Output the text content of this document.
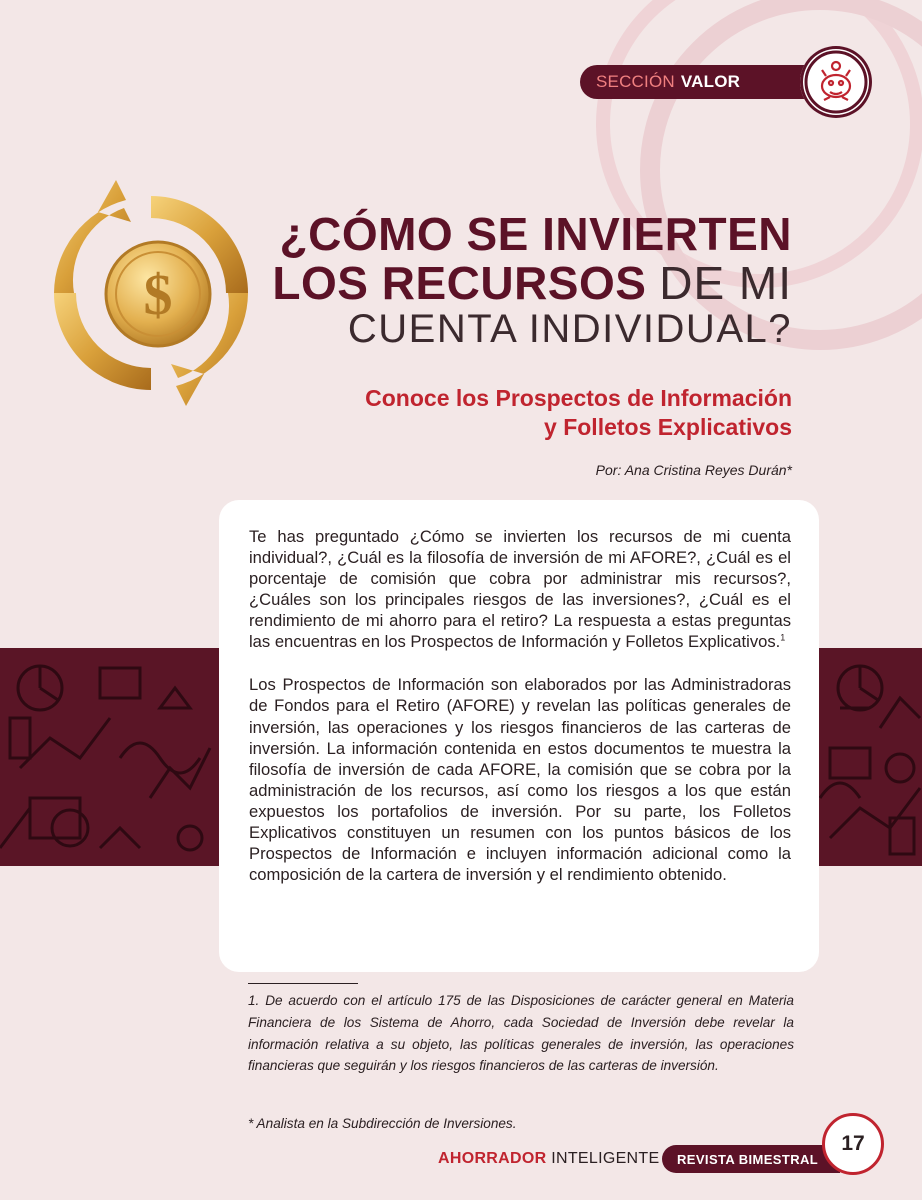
SECCIÓN VALOR
$
¿CÓMO SE INVIERTEN
LOS RECURSOS DE MI
CUENTA INDIVIDUAL?
Conoce los Prospectos de Información
y Folletos Explicativos
Por: Ana Cristina Reyes Durán*

Te has preguntado ¿Cómo se invierten los recursos de mi cuenta individual?, ¿Cuál es la filosofía de inversión de mi AFORE?, ¿Cuál es el porcentaje de comisión que cobra por administrar mis recursos?, ¿Cuáles son los principales riesgos de las inversiones?, ¿Cuál es el rendimiento de mi ahorro para el retiro? La respuesta a estas preguntas las encuentras en los Prospectos de Información y Folletos Explicativos.$^1$

Los Prospectos de Información son elaborados por las Administradoras de Fondos para el Retiro (AFORE) y revelan las políticas generales de inversión, las operaciones y los riesgos financieros de las carteras de inversión. La información contenida en estos documentos te muestra la filosofía de inversión de cada AFORE, la comisión que se cobra por la administración de los recursos, así como los riesgos a los que están expuestos los portafolios de inversión. Por su parte, los Folletos Explicativos constituyen un resumen con los puntos básicos de los Prospectos de Información e incluyen información adicional como la composición de la cartera de inversión y el rendimiento obtenido.

1. De acuerdo con el artículo 175 de las Disposiciones de carácter general en Materia Financiera de los Sistema de Ahorro, cada Sociedad de Inversión debe revelar la información relativa a su objeto, las políticas generales de inversión, las operaciones financieras que seguirán y los riesgos financieros de las carteras de inversión.
* Analista en la Subdirección de Inversiones.
AHORRADOR INTELIGENTE	REVISTA BIMESTRAL
17
